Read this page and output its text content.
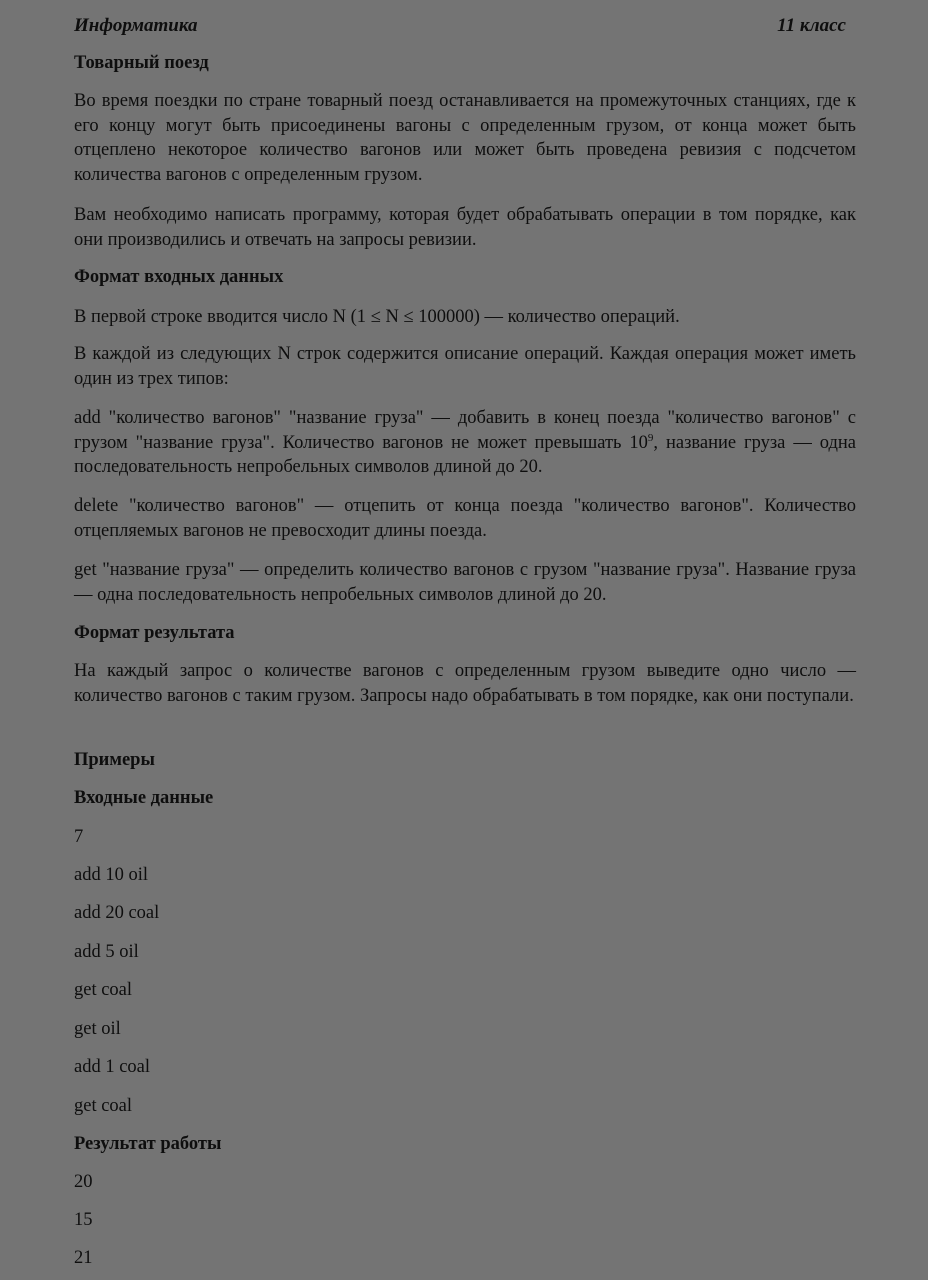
Информатика	11 класс
Товарный поезд
Во время поездки по стране товарный поезд останавливается на промежуточных станциях, где к его концу могут быть присоединены вагоны с определенным грузом, от конца может быть отцеплено некоторое количество вагонов или может быть проведена ревизия с подсчетом количества вагонов с определенным грузом.
Вам необходимо написать программу, которая будет обрабатывать операции в том порядке, как они производились и отвечать на запросы ревизии.
Формат входных данных
В первой строке вводится число N (1 ≤ N ≤ 100000) — количество операций.
В каждой из следующих N строк содержится описание операций. Каждая операция может иметь один из трех типов:
add "количество вагонов" "название груза" — добавить в конец поезда "количество вагонов" с грузом "название груза". Количество вагонов не может превышать $10^9$, название груза — одна последовательность непробельных символов длиной до 20.
delete "количество вагонов" — отцепить от конца поезда "количество вагонов". Количество отцепляемых вагонов не превосходит длины поезда.
get "название груза" — определить количество вагонов с грузом "название груза". Название груза — одна последовательность непробельных символов длиной до 20.
Формат результата
На каждый запрос о количестве вагонов с определенным грузом выведите одно число — количество вагонов с таким грузом. Запросы надо обрабатывать в том порядке, как они поступали.
Примеры
Входные данные
7
add 10 oil
add 20 coal
add 5 oil
get coal
get oil
add 1 coal
get coal
Результат работы
20
15
21
